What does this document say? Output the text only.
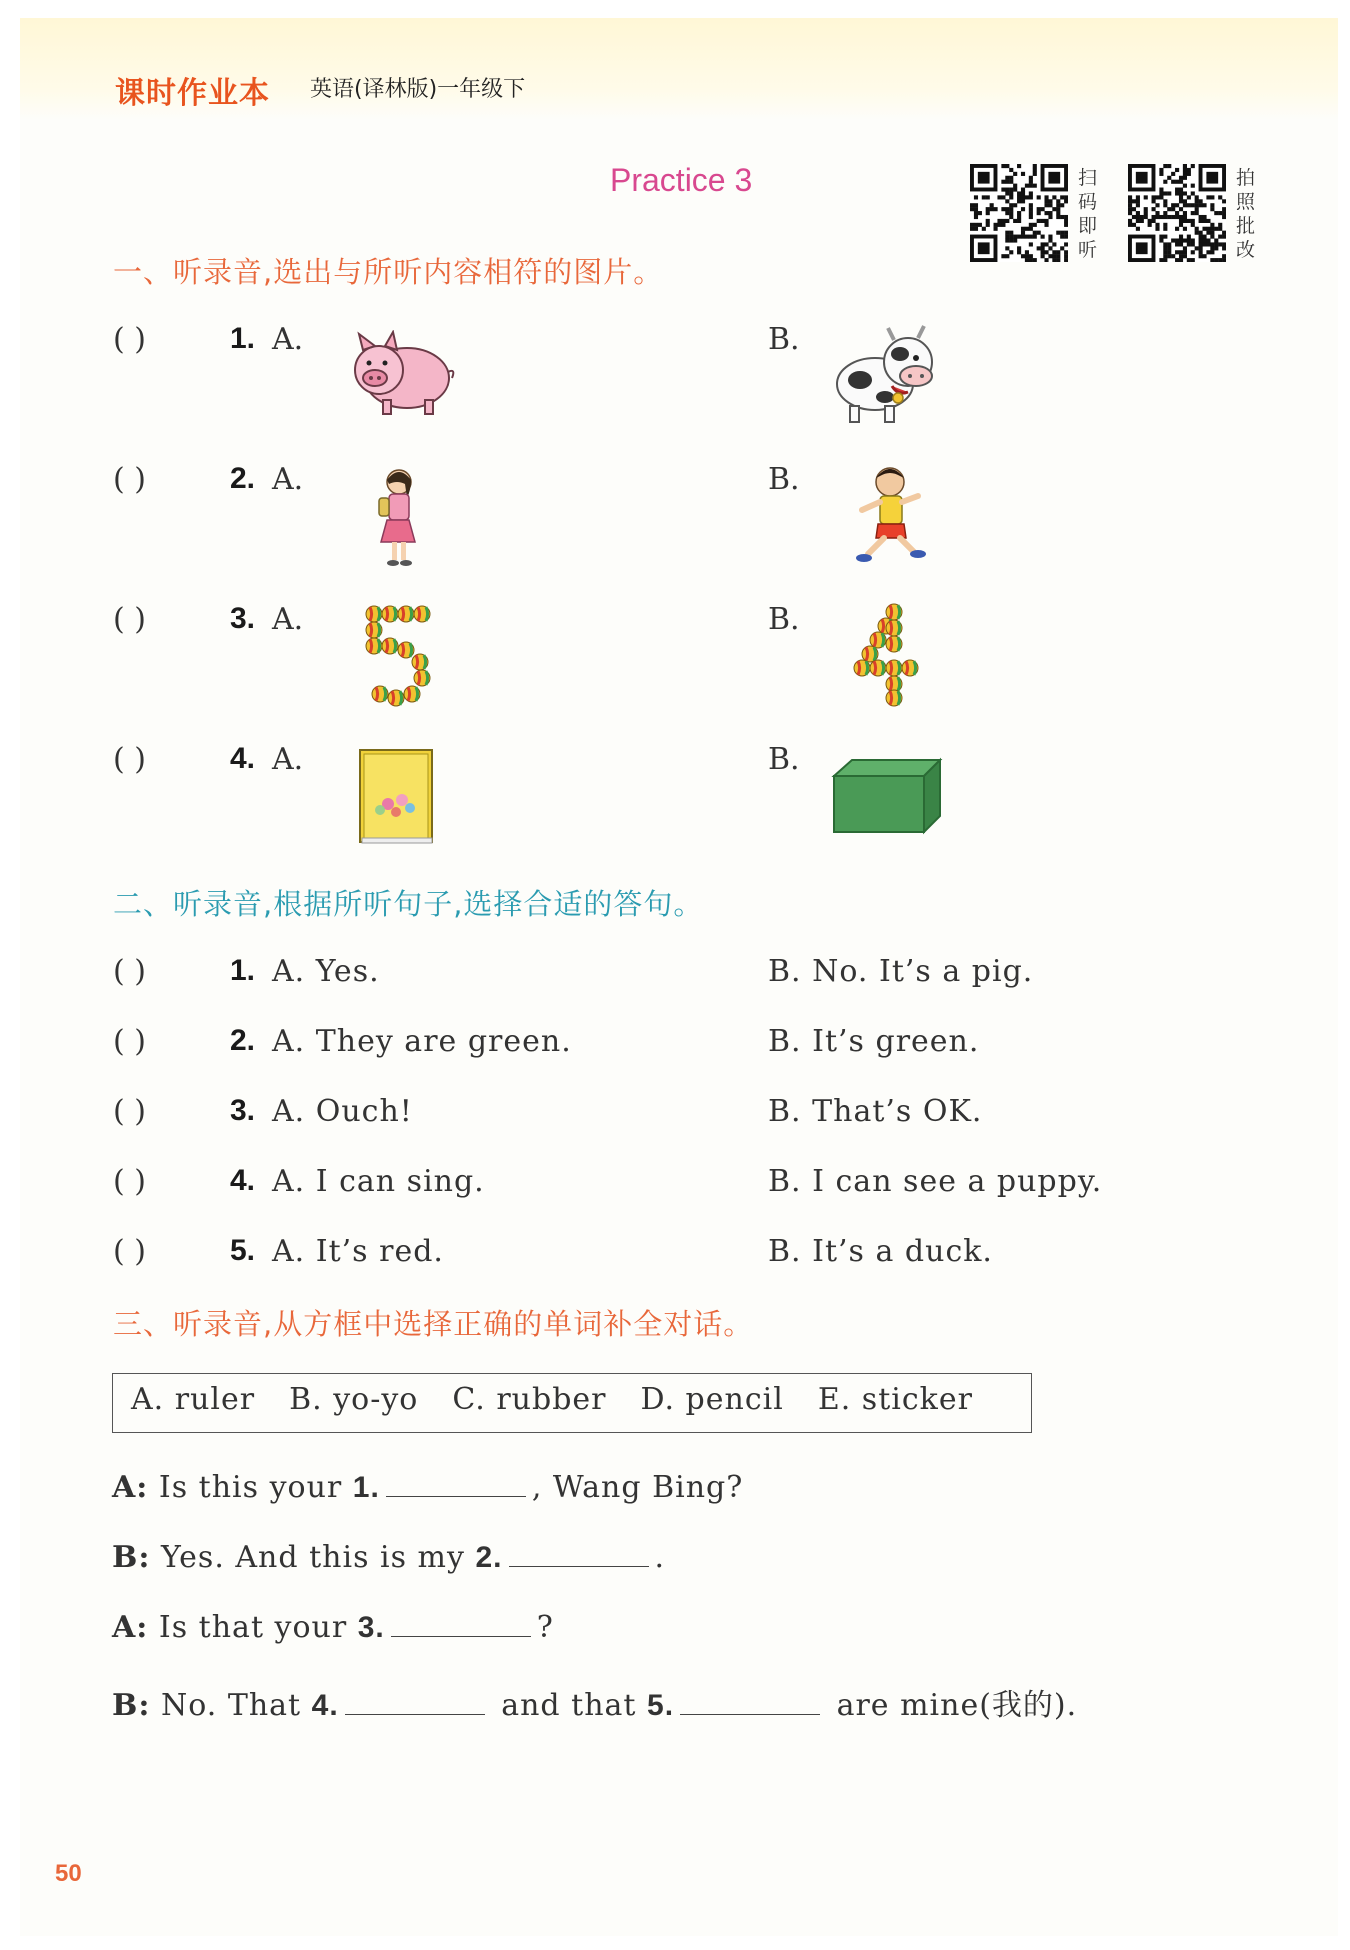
课时作业本 英语(译林版)一年级下
Practice 3	扫码即听
拍照批改
一、听录音,选出与所听内容相符的图片。
( )	1. A.	B.
( )	2. A.	B.
( )	3. A.	B.
( )	4. A.	B.
二、听录音,根据所听句子,选择合适的答句。
( )	1. A. Yes.	B. No. It’s a pig.
( )	2. A. They are green.	B. It’s green.
( )	3. A. Ouch!	B. That’s OK.
( )	4. A. I can sing.	B. I can see a puppy.
( )	5. A. It’s red.	B. It’s a duck.
三、听录音,从方框中选择正确的单词补全对话。
A. ruler B. yo-yo C. rubber D. pencil E. sticker
A: Is this your 1.	, Wang Bing?
B: Yes. And this is my 2.	.
A: Is that your 3.	?
B: No. That 4.	and that 5.	are mine(我的).
50
